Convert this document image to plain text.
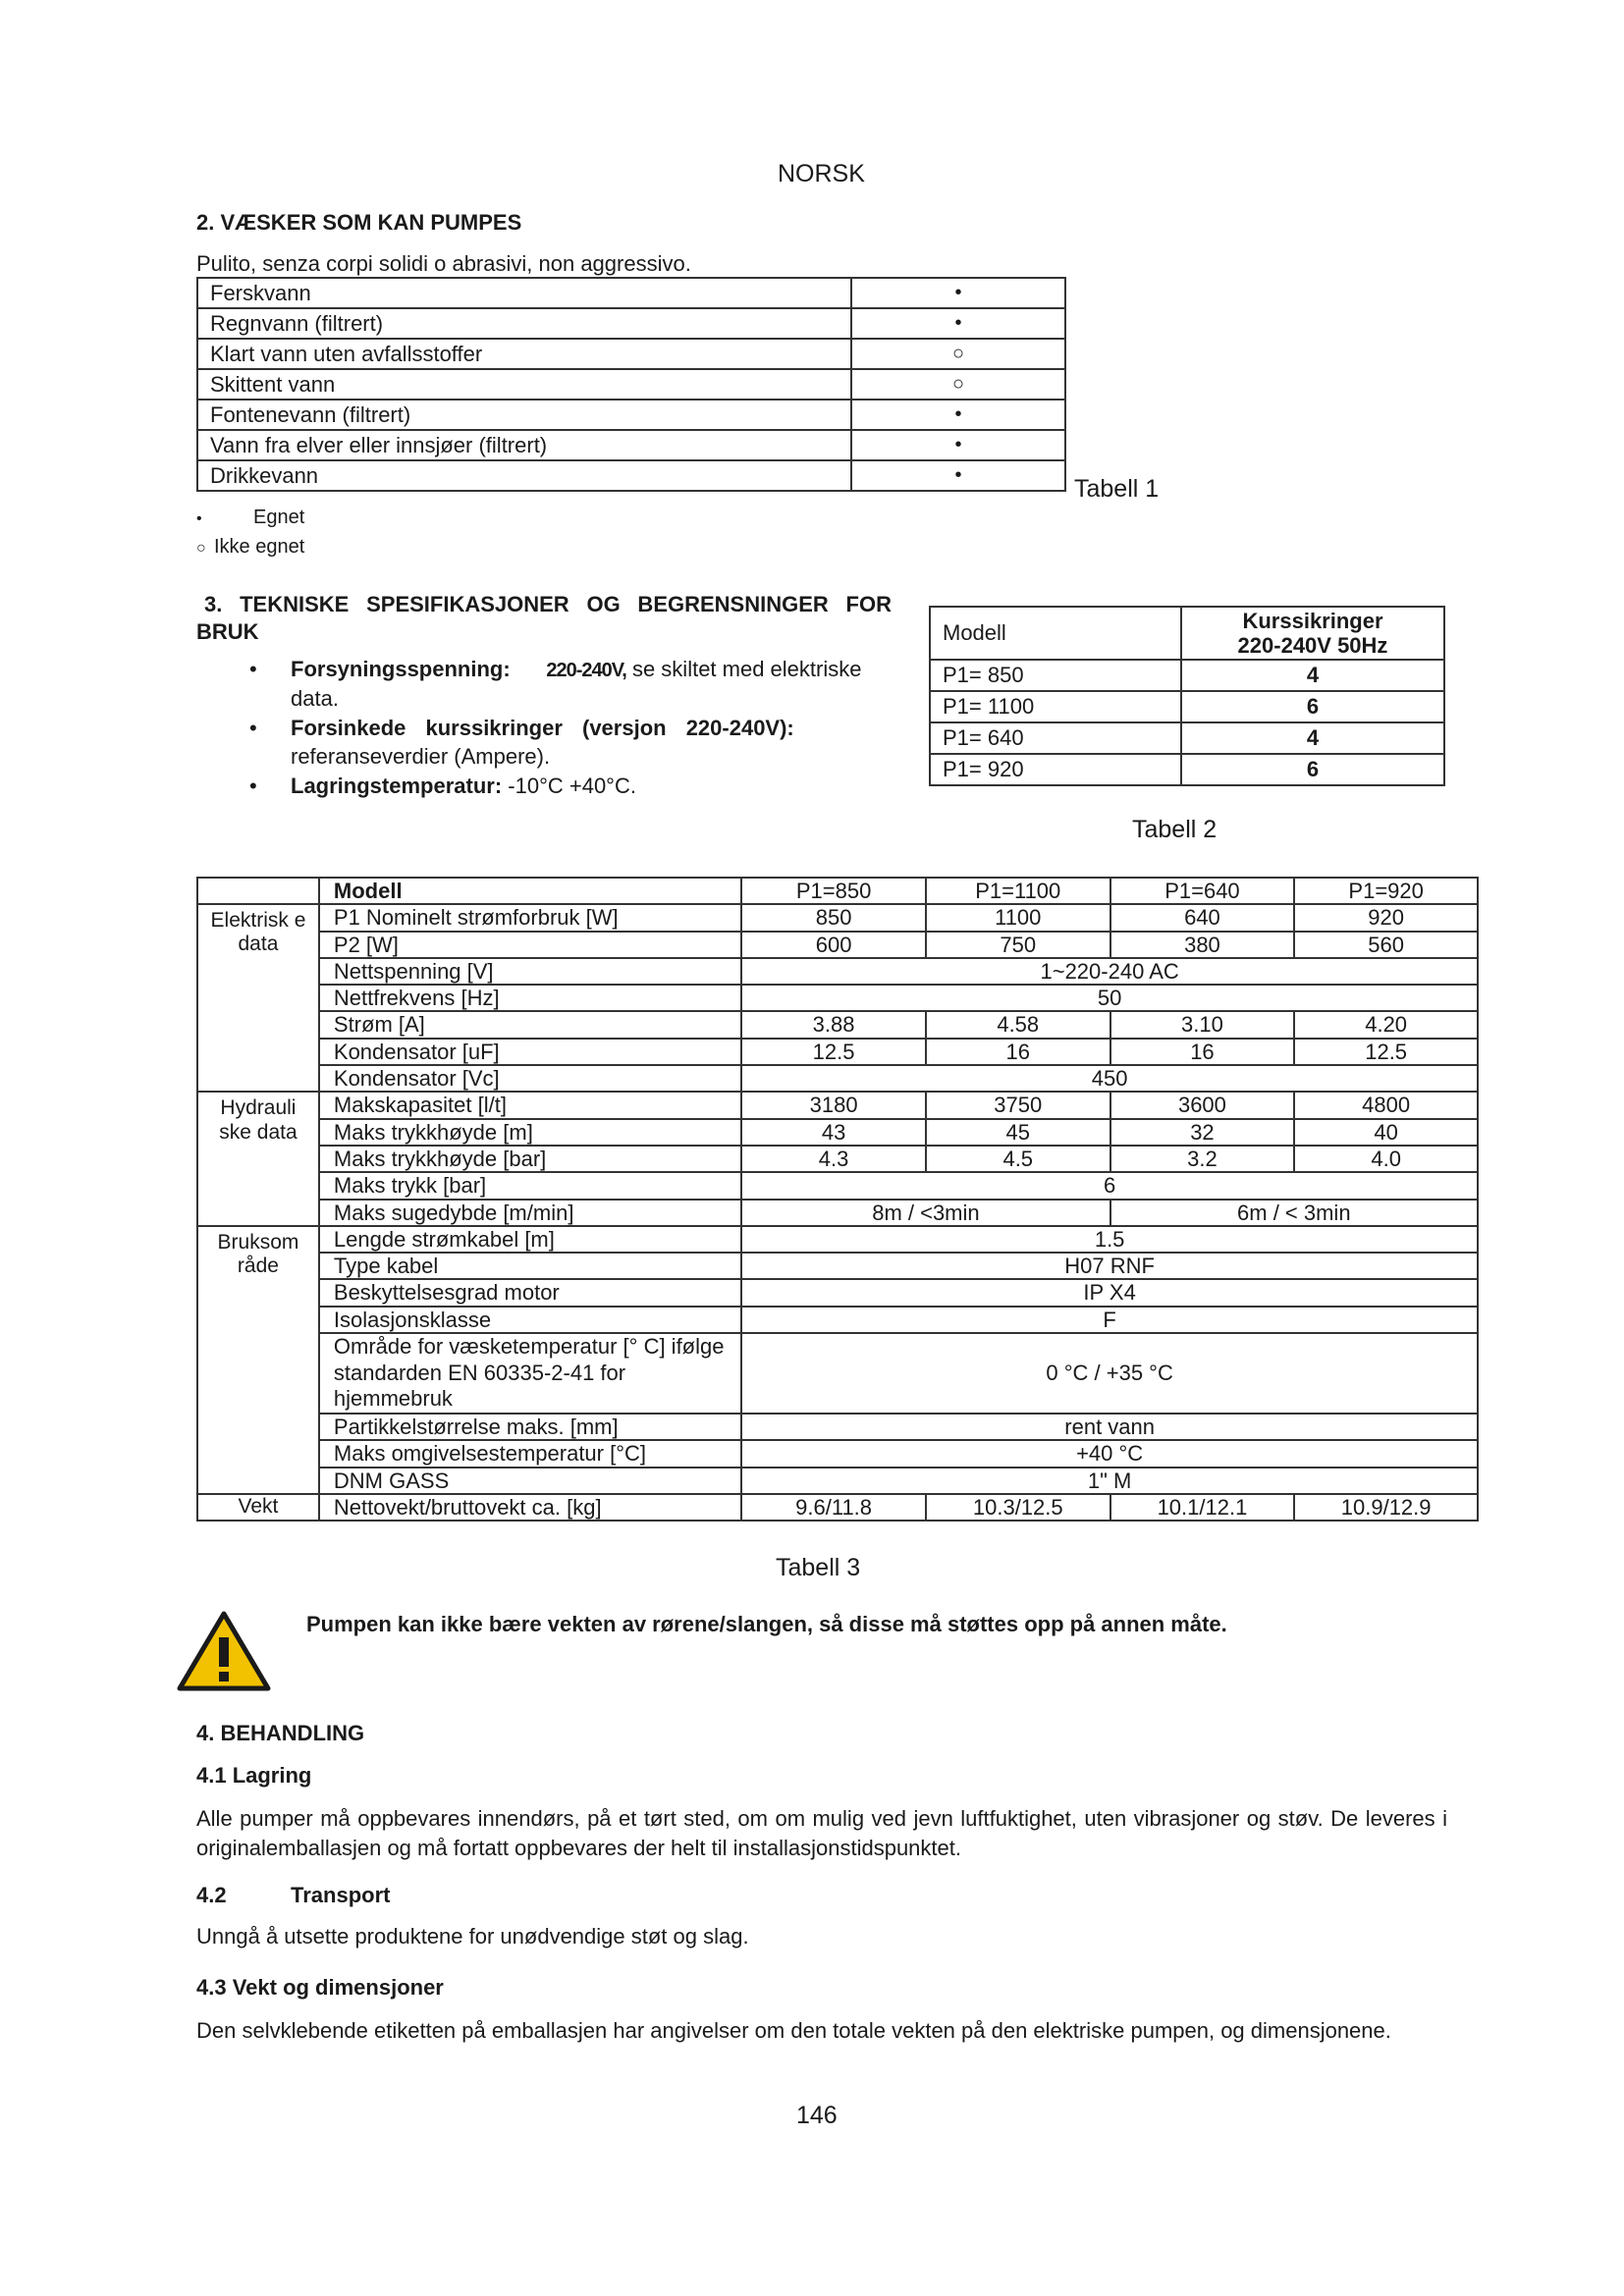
NORSK
2. VÆSKER SOM KAN PUMPES
Pulito, senza corpi solidi o abrasivi, non aggressivo.
Ferskvann	•
Regnvann (filtrert)	•
Klart vann uten avfallsstoffer	○
Skittent vann	○
Fontenevann (filtrert)	•
Vann fra elver eller innsjøer (filtrert)	•
Drikkevann	•	Tabell 1
•	Egnet
○ Ikke egnet
3. TEKNISKE SPESIFIKASJONER OG BEGRENSNINGER FOR
BRUK
• Forsyningsspenning: 220-240V, se skiltet med elektriske data.
• Forsinkede kurssikringer (versjon 220-240V): referanseverdier (Ampere).
• Lagringstemperatur: -10°C +40°C.
Modell	Kurssikringer
220-240V 50Hz

P1= 850	4
P1= 1100	6
P1= 640	4
P1= 920	6
Tabell 2
	Modell	P1=850	P1=1100	P1=640	P1=920
Elektrisk e data	P1 Nominelt strømforbruk [W]	850	1100	640	920
	P2 [W]	600	750	380	560
	Nettspenning [V]	1~220-240 AC			
	Nettfrekvens [Hz]	50			
	Strøm [A]	3.88	4.58	3.10	4.20
	Kondensator [uF]	12.5	16	16	12.5
	Kondensator [Vc]	450			
Hydrauli ske data	Makskapasitet [l/t]	3180	3750	3600	4800
	Maks trykkhøyde [m]	43	45	32	40
	Maks trykkhøyde [bar]	4.3	4.5	3.2	4.0
	Maks trykk [bar]	6			
	Maks sugedybde [m/min]	8m / <3min		6m / < 3min	
Bruksom råde	Lengde strømkabel [m]	1.5			
	Type kabel	H07 RNF			
	Beskyttelsesgrad motor	IP X4			
	Isolasjonsklasse	F			
	Område for væsketemperatur [° C] ifølge standarden EN 60335-2-41 for hjemmebruk	0 °C / +35 °C			
	Partikkelstørrelse maks. [mm]	rent vann			
	Maks omgivelsestemperatur [°C]	+40 °C			
	DNM GASS	1" M			
Vekt	Nettovekt/bruttovekt ca. [kg]	9.6/11.8	10.3/12.5	10.1/12.1	10.9/12.9
Tabell 3
Pumpen kan ikke bære vekten av rørene/slangen, så disse må støttes opp på annen måte.
4. BEHANDLING
4.1 Lagring

Alle pumper må oppbevares innendørs, på et tørt sted, om om mulig ved jevn luftfuktighet, uten vibrasjoner og støv. De leveres i originalemballasjen og må fortatt oppbevares der helt til installasjonstidspunktet.

4.2	Transport
Unngå å utsette produktene for unødvendige støt og slag.
4.3 Vekt og dimensjoner

Den selvklebende etiketten på emballasjen har angivelser om den totale vekten på den elektriske pumpen, og dimensjonene.

146
